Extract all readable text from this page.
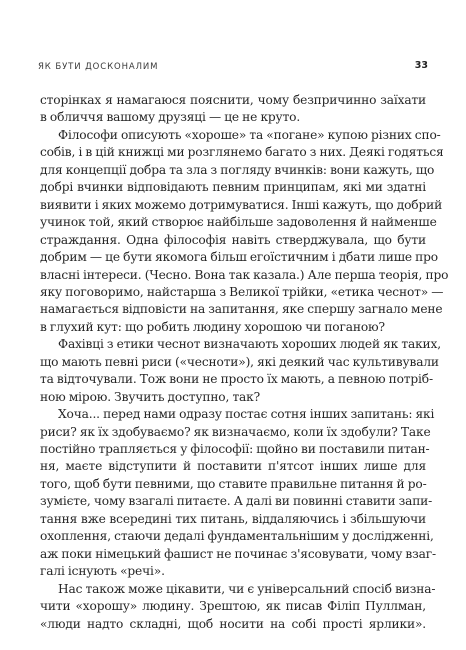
ЯК БУТИ ДОСКОНАЛИМ	33
сторінках я намагаюся пояснити, чому безпричинно заїхати
в обличчя вашому друзяці — це не круто.
Філософи описують «хороше» та «погане» купою різних спо-
собів, і в цій книжці ми розглянемо багато з них. Деякі годяться
для концепції добра та зла з погляду вчинків: вони кажуть, що
добрі вчинки відповідають певним принципам, які ми здатні
виявити і яких можемо дотримуватися. Інші кажуть, що добрий
учинок той, який створює найбільше задоволення й найменше
страждання. Одна філософія навіть стверджувала, що бути
добрим — це бути якомога більш егоїстичним і дбати лише про
власні інтереси. (Чесно. Вона так казала.) Але перша теорія, про
яку поговоримо, найстарша з Великої трійки, «етика чеснот» —
намагається відповісти на запитання, яке спершу загнало мене
в глухий кут: що робить людину хорошою чи поганою?
Фахівці з етики чеснот визначають хороших людей як таких,
що мають певні риси («чесноти»), які деякий час культивували
та відточували. Тож вони не просто їх мають, а певною потріб-
ною мірою. Звучить доступно, так?
Хоча... перед нами одразу постає сотня інших запитань: які
риси? як їх здобуваємо? як визначаємо, коли їх здобули? Таке
постійно трапляється у філософії: щойно ви поставили питан-
ня, маєте відступити й поставити п'ятсот інших лише для
того, щоб бути певними, що ставите правильне питання й ро-
зумієте, чому взагалі питаєте. А далі ви повинні ставити запи-
тання вже всередині тих питань, віддаляючись і збільшуючи
охоплення, стаючи дедалі фундаментальнішим у дослідженні,
аж поки німецький фашист не починає з'ясовувати, чому взаг-
галі існують «речі».
Нас також може цікавити, чи є універсальний спосіб визна-
чити «хорошу» людину. Зрештою, як писав Філіп Пуллман,
«люди надто складні, щоб носити на собі прості ярлики».
